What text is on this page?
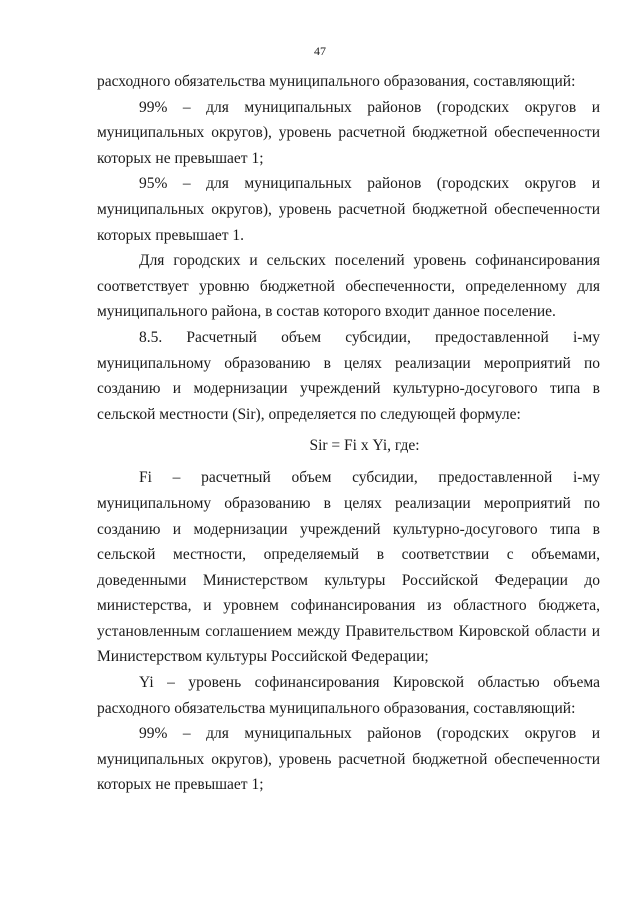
47

расходного обязательства муниципального образования, составляющий:

99% – для муниципальных районов (городских округов и муниципальных округов), уровень расчетной бюджетной обеспеченности которых не превышает 1;

95% – для муниципальных районов (городских округов и муниципальных округов), уровень расчетной бюджетной обеспеченности которых превышает 1.

Для городских и сельских поселений уровень софинансирования соответствует уровню бюджетной обеспеченности, определенному для муниципального района, в состав которого входит данное поселение.

8.5. Расчетный объем субсидии, предоставленной i-му муниципальному образованию в целях реализации мероприятий по созданию и модернизации учреждений культурно-досугового типа в сельской местности (Sir), определяется по следующей формуле:

Sir = Fi х Yi, где:

Fi – расчетный объем субсидии, предоставленной i-му муниципальному образованию в целях реализации мероприятий по созданию и модернизации учреждений культурно-досугового типа в сельской местности, определяемый в соответствии с объемами, доведенными Министерством культуры Российской Федерации до министерства, и уровнем софинансирования из областного бюджета, установленным соглашением между Правительством Кировской области и Министерством культуры Российской Федерации;

Yi – уровень софинансирования Кировской областью объема расходного обязательства муниципального образования, составляющий:

99% – для муниципальных районов (городских округов и муниципальных округов), уровень расчетной бюджетной обеспеченности которых не превышает 1;
